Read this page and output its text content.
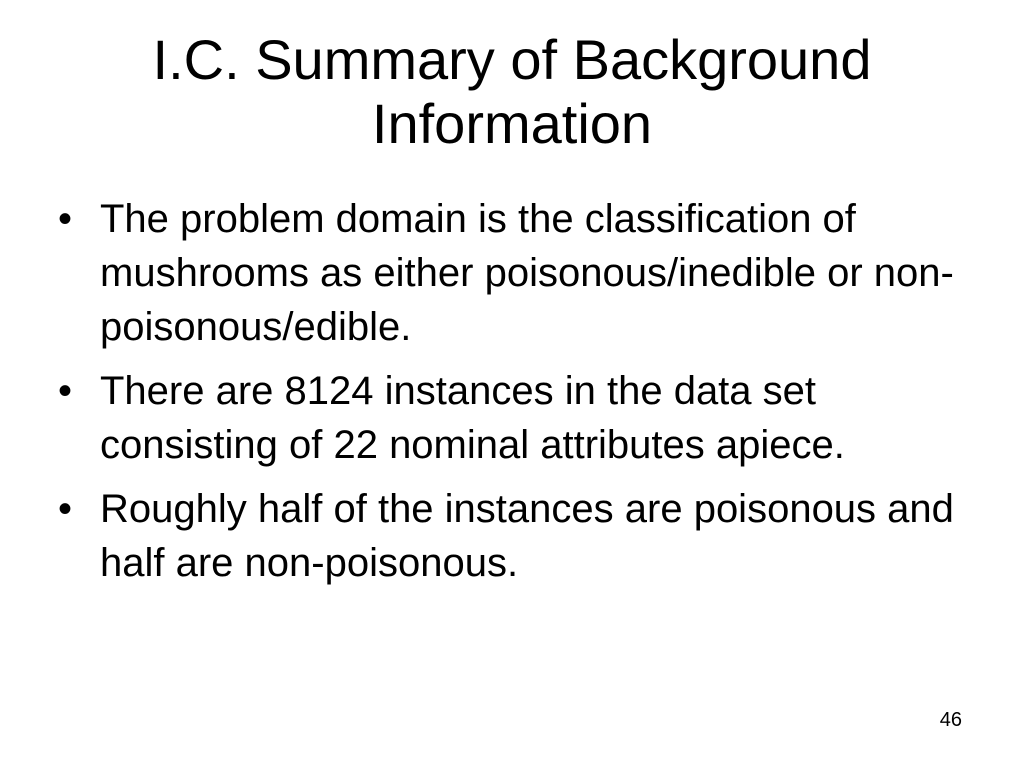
I.C. Summary of Background
Information
• The problem domain is the classification of mushrooms as either poisonous/inedible or non-poisonous/edible.
• There are 8124 instances in the data set consisting of 22 nominal attributes apiece.
• Roughly half of the instances are poisonous and half are non-poisonous.
46
